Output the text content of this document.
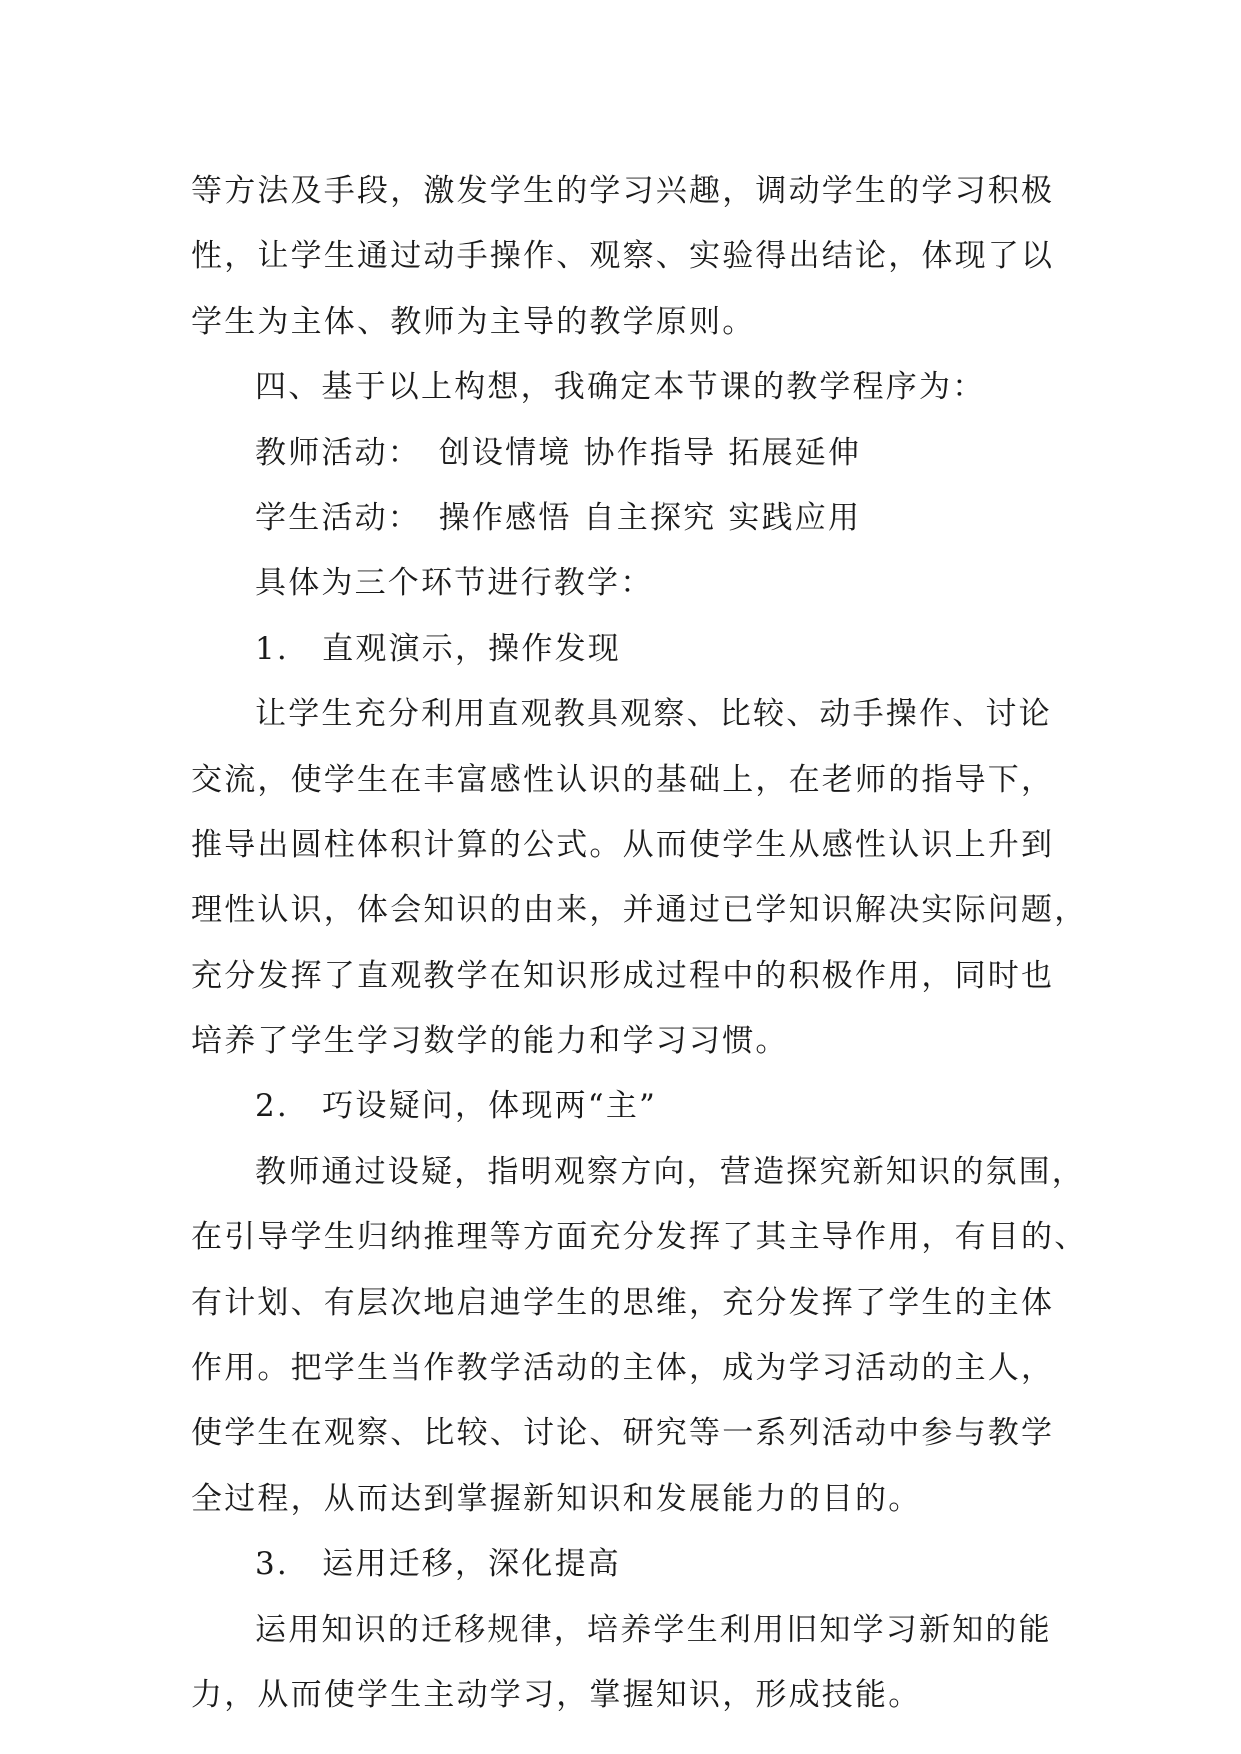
等方法及手段，激发学生的学习兴趣，调动学生的学习积极
性，让学生通过动手操作、观察、实验得出结论，体现了以
学生为主体、教师为主导的教学原则。
四、基于以上构想，我确定本节课的教学程序为：
教师活动：　创设情境 协作指导 拓展延伸
学生活动：　操作感悟 自主探究 实践应用
具体为三个环节进行教学：
1.　直观演示，操作发现
让学生充分利用直观教具观察、比较、动手操作、讨论
交流，使学生在丰富感性认识的基础上，在老师的指导下，
推导出圆柱体积计算的公式。从而使学生从感性认识上升到
理性认识，体会知识的由来，并通过已学知识解决实际问题，
充分发挥了直观教学在知识形成过程中的积极作用，同时也
培养了学生学习数学的能力和学习习惯。
2.　巧设疑问，体现两“主”
教师通过设疑，指明观察方向，营造探究新知识的氛围，
在引导学生归纳推理等方面充分发挥了其主导作用，有目的、
有计划、有层次地启迪学生的思维，充分发挥了学生的主体
作用。把学生当作教学活动的主体，成为学习活动的主人，
使学生在观察、比较、讨论、研究等一系列活动中参与教学
全过程，从而达到掌握新知识和发展能力的目的。
3.　运用迁移，深化提高
运用知识的迁移规律，培养学生利用旧知学习新知的能
力，从而使学生主动学习，掌握知识，形成技能。
